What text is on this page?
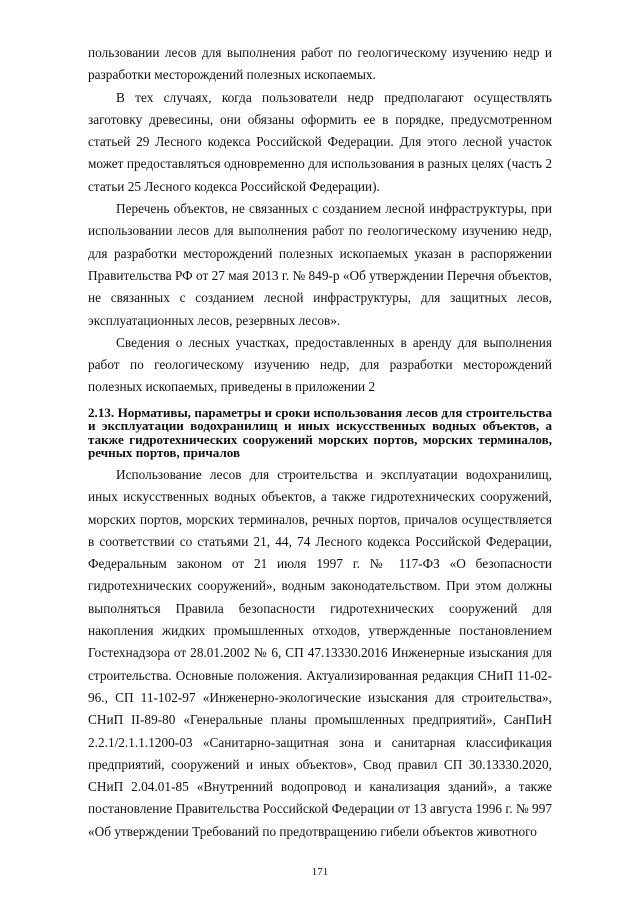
пользовании лесов для выполнения работ по геологическому изучению недр и разработки месторождений полезных ископаемых.

В тех случаях, когда пользователи недр предполагают осуществлять заготовку древесины, они обязаны оформить ее в порядке, предусмотренном статьей 29 Лесного кодекса Российской Федерации. Для этого лесной участок может предоставляться одновременно для использования в разных целях (часть 2 статьи 25 Лесного кодекса Российской Федерации).

Перечень объектов, не связанных с созданием лесной инфраструктуры, при использовании лесов для выполнения работ по геологическому изучению недр, для разработки месторождений полезных ископаемых указан в распоряжении Правительства РФ от 27 мая 2013 г. № 849-р «Об утверждении Перечня объектов, не связанных с созданием лесной инфраструктуры, для защитных лесов, эксплуатационных лесов, резервных лесов».

Сведения о лесных участках, предоставленных в аренду для выполнения работ по геологическому изучению недр, для разработки месторождений полезных ископаемых, приведены в приложении 2

2.13. Нормативы, параметры и сроки использования лесов для строительства и эксплуатации водохранилищ и иных искусственных водных объектов, а также гидротехнических сооружений морских портов, морских терминалов, речных портов, причалов

Использование лесов для строительства и эксплуатации водохранилищ, иных искусственных водных объектов, а также гидротехнических сооружений, морских портов, морских терминалов, речных портов, причалов осуществляется в соответствии со статьями 21, 44, 74 Лесного кодекса Российской Федерации, Федеральным законом от 21 июля 1997 г. № 117-ФЗ «О безопасности гидротехнических сооружений», водным законодательством. При этом должны выполняться Правила безопасности гидротехнических сооружений для накопления жидких промышленных отходов, утвержденные постановлением Гостехнадзора от 28.01.2002 № 6, СП 47.13330.2016 Инженерные изыскания для строительства. Основные положения. Актуализированная редакция СНиП 11-02-96., СП 11-102-97 «Инженерно-экологические изыскания для строительства», СНиП II-89-80 «Генеральные планы промышленных предприятий», СанПиН 2.2.1/2.1.1.1200-03 «Санитарно-защитная зона и санитарная классификация предприятий, сооружений и иных объектов», Свод правил СП 30.13330.2020, СНиП 2.04.01-85 «Внутренний водопровод и канализация зданий», а также постановление Правительства Российской Федерации от 13 августа 1996 г. № 997 «Об утверждении Требований по предотвращению гибели объектов животного

171
